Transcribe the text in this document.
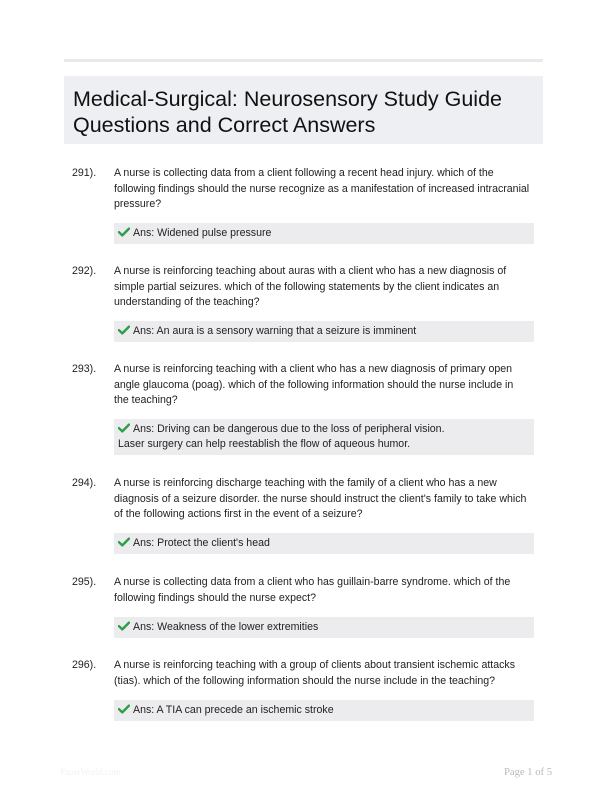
Medical-Surgical: Neurosensory Study Guide
Questions and Correct Answers
291). A nurse is collecting data from a client following a recent head injury. which of the
following findings should the nurse recognize as a manifestation of increased intracranial
pressure?
Ans: Widened pulse pressure
292). A nurse is reinforcing teaching about auras with a client who has a new diagnosis of
simple partial seizures. which of the following statements by the client indicates an
understanding of the teaching?
Ans: An aura is a sensory warning that a seizure is imminent
293). A nurse is reinforcing teaching with a client who has a new diagnosis of primary open
angle glaucoma (poag). which of the following information should the nurse include in
the teaching?
Ans: Driving can be dangerous due to the loss of peripheral vision.
Laser surgery can help reestablish the flow of aqueous humor.
294). A nurse is reinforcing discharge teaching with the family of a client who has a new
diagnosis of a seizure disorder. the nurse should instruct the client's family to take which
of the following actions first in the event of a seizure?
Ans: Protect the client's head
295). A nurse is collecting data from a client who has guillain-barre syndrome. which of the
following findings should the nurse expect?
Ans: Weakness of the lower extremities
296). A nurse is reinforcing teaching with a group of clients about transient ischemic attacks
(tias). which of the following information should the nurse include in the teaching?
Ans: A TIA can precede an ischemic stroke
PaperWorld.com	Page 1 of 5
